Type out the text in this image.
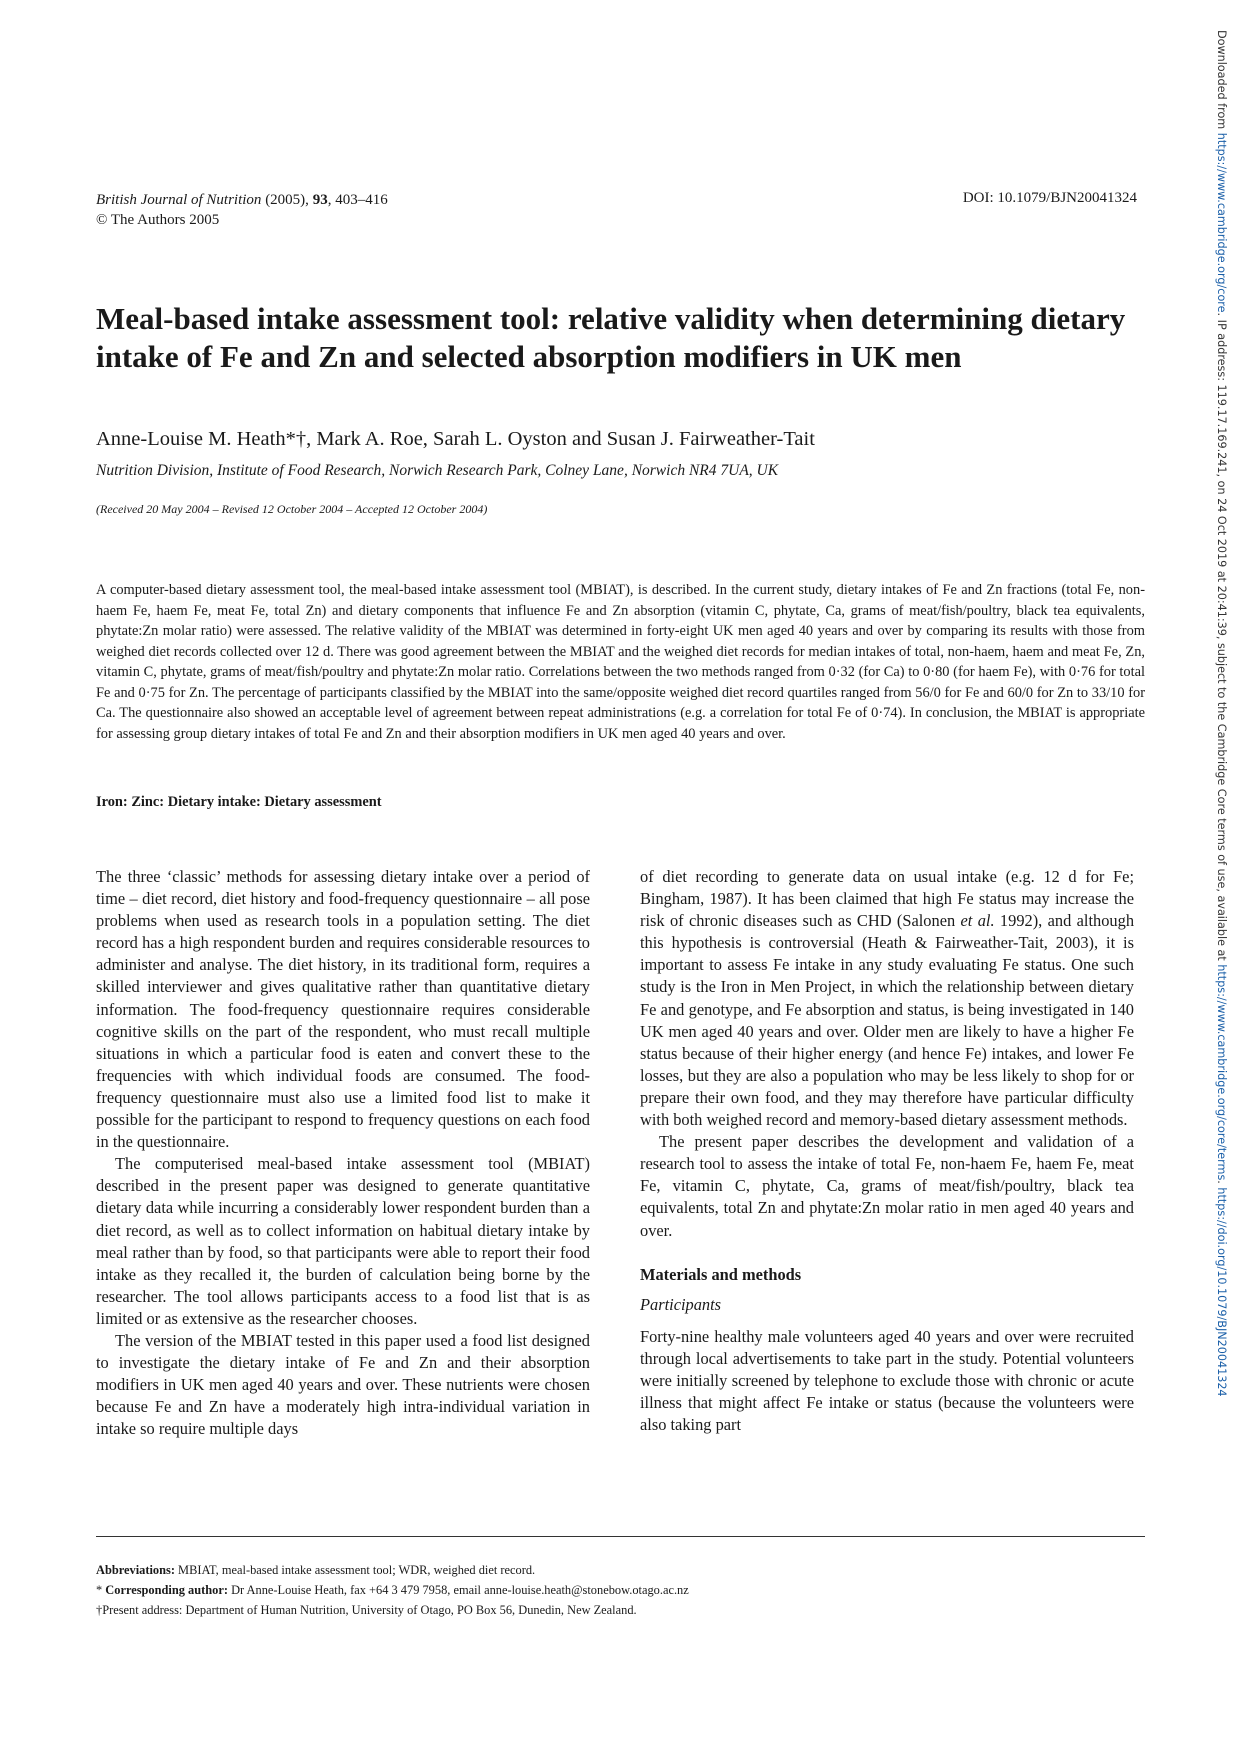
Downloaded from https://www.cambridge.org/core. IP address: 119.17.169.241, on 24 Oct 2019 at 20:41:39, subject to the Cambridge Core terms of use, available at https://www.cambridge.org/core/terms. https://doi.org/10.1079/BJN20041324
British Journal of Nutrition (2005), 93, 403–416
© The Authors 2005
DOI: 10.1079/BJN20041324
Meal-based intake assessment tool: relative validity when determining dietary intake of Fe and Zn and selected absorption modifiers in UK men
Anne-Louise M. Heath*†, Mark A. Roe, Sarah L. Oyston and Susan J. Fairweather-Tait
Nutrition Division, Institute of Food Research, Norwich Research Park, Colney Lane, Norwich NR4 7UA, UK
(Received 20 May 2004 – Revised 12 October 2004 – Accepted 12 October 2004)

A computer-based dietary assessment tool, the meal-based intake assessment tool (MBIAT), is described. In the current study, dietary intakes of Fe and Zn fractions (total Fe, non-haem Fe, haem Fe, meat Fe, total Zn) and dietary components that influence Fe and Zn absorption (vitamin C, phytate, Ca, grams of meat/fish/poultry, black tea equivalents, phytate:Zn molar ratio) were assessed. The relative validity of the MBIAT was determined in forty-eight UK men aged 40 years and over by comparing its results with those from weighed diet records collected over 12 d. There was good agreement between the MBIAT and the weighed diet records for median intakes of total, non-haem, haem and meat Fe, Zn, vitamin C, phytate, grams of meat/fish/poultry and phytate:Zn molar ratio. Correlations between the two methods ranged from 0·32 (for Ca) to 0·80 (for haem Fe), with 0·76 for total Fe and 0·75 for Zn. The percentage of participants classified by the MBIAT into the same/opposite weighed diet record quartiles ranged from 56/0 for Fe and 60/0 for Zn to 33/10 for Ca. The questionnaire also showed an acceptable level of agreement between repeat administrations (e.g. a correlation for total Fe of 0·74). In conclusion, the MBIAT is appropriate for assessing group dietary intakes of total Fe and Zn and their absorption modifiers in UK men aged 40 years and over.

Iron: Zinc: Dietary intake: Dietary assessment

The three ‘classic’ methods for assessing dietary intake over a period of time – diet record, diet history and food-frequency questionnaire – all pose problems when used as research tools in a population setting. The diet record has a high respondent burden and requires considerable resources to administer and analyse. The diet history, in its traditional form, requires a skilled interviewer and gives qualitative rather than quantitative dietary information. The food-frequency questionnaire requires considerable cognitive skills on the part of the respondent, who must recall multiple situations in which a particular food is eaten and convert these to the frequencies with which individual foods are consumed. The food-frequency questionnaire must also use a limited food list to make it possible for the participant to respond to frequency questions on each food in the questionnaire.

The computerised meal-based intake assessment tool (MBIAT) described in the present paper was designed to generate quantitative dietary data while incurring a considerably lower respondent burden than a diet record, as well as to collect information on habitual dietary intake by meal rather than by food, so that participants were able to report their food intake as they recalled it, the burden of calculation being borne by the researcher. The tool allows participants access to a food list that is as limited or as extensive as the researcher chooses.

The version of the MBIAT tested in this paper used a food list designed to investigate the dietary intake of Fe and Zn and their absorption modifiers in UK men aged 40 years and over. These nutrients were chosen because Fe and Zn have a moderately high intra-individual variation in intake so require multiple days

of diet recording to generate data on usual intake (e.g. 12 d for Fe; Bingham, 1987). It has been claimed that high Fe status may increase the risk of chronic diseases such as CHD (Salonen et al. 1992), and although this hypothesis is controversial (Heath & Fairweather-Tait, 2003), it is important to assess Fe intake in any study evaluating Fe status. One such study is the Iron in Men Project, in which the relationship between dietary Fe and genotype, and Fe absorption and status, is being investigated in 140 UK men aged 40 years and over. Older men are likely to have a higher Fe status because of their higher energy (and hence Fe) intakes, and lower Fe losses, but they are also a population who may be less likely to shop for or prepare their own food, and they may therefore have particular difficulty with both weighed record and memory-based dietary assessment methods.

The present paper describes the development and validation of a research tool to assess the intake of total Fe, non-haem Fe, haem Fe, meat Fe, vitamin C, phytate, Ca, grams of meat/fish/poultry, black tea equivalents, total Zn and phytate:Zn molar ratio in men aged 40 years and over.

Materials and methods
Participants

Forty-nine healthy male volunteers aged 40 years and over were recruited through local advertisements to take part in the study. Potential volunteers were initially screened by telephone to exclude those with chronic or acute illness that might affect Fe intake or status (because the volunteers were also taking part

Abbreviations: MBIAT, meal-based intake assessment tool; WDR, weighed diet record.
* Corresponding author: Dr Anne-Louise Heath, fax +64 3 479 7958, email anne-louise.heath@stonebow.otago.ac.nz
†Present address: Department of Human Nutrition, University of Otago, PO Box 56, Dunedin, New Zealand.
